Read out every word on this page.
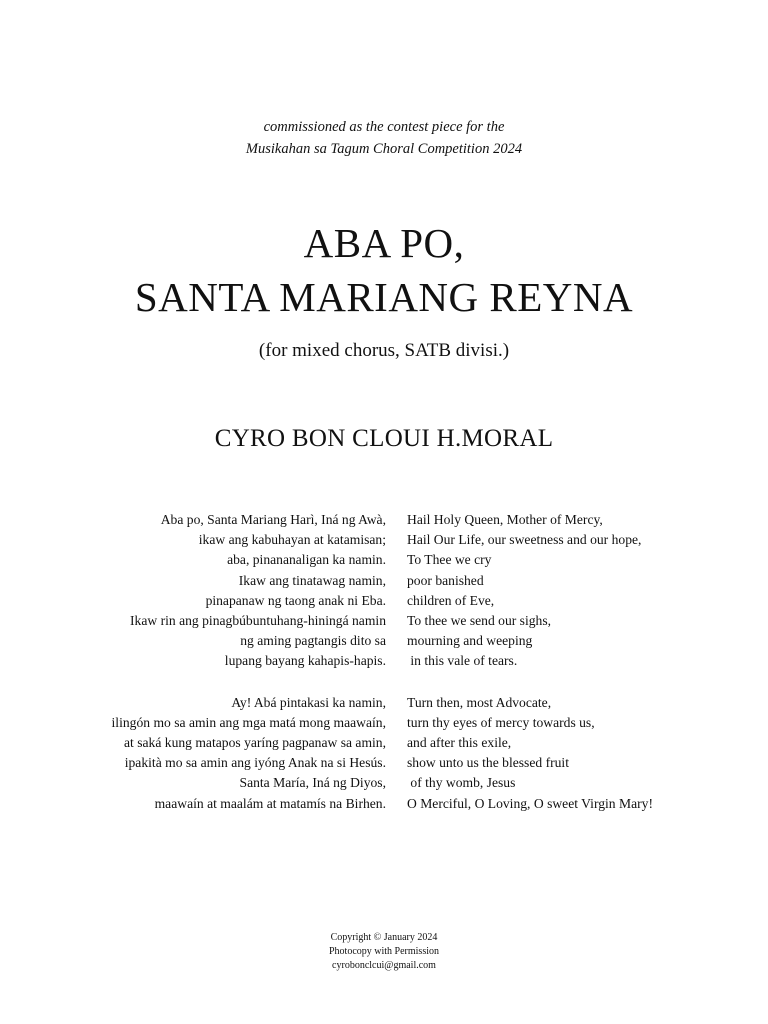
commissioned as the contest piece for the
Musikahan sa Tagum Choral Competition 2024
ABA PO,
SANTA MARIANG REYNA
(for mixed chorus, SATB divisi.)
CYRO BON CLOUI H.MORAL
Aba po, Santa Mariang Harì, Iná ng Awà,
ikaw ang kabuhayan at katamisan;
aba, pinananaligan ka namin.
Ikaw ang tinatawag namin,
pinapanaw ng taong anak ni Eba.
Ikaw rin ang pinagbúbuntuhang-hiningá namin
ng aming pagtangis dito sa
lupang bayang kahapis-hapis.
Ay! Abá pintakasi ka namin,
ilingón mo sa amin ang mga matá mong maawaín,
at saká kung matapos yaríng pagpanaw sa amin,
ipakità mo sa amin ang iyóng Anak na si Hesús.
Santa María, Iná ng Diyos,
maawaín at maalám at matamís na Birhen.
Hail Holy Queen, Mother of Mercy,
Hail Our Life, our sweetness and our hope,
To Thee we cry
poor banished
children of Eve,
To thee we send our sighs,
mourning and weeping
in this vale of tears.
Turn then, most Advocate,
turn thy eyes of mercy towards us,
and after this exile,
show unto us the blessed fruit
of thy womb, Jesus
O Merciful, O Loving, O sweet Virgin Mary!
Copyright © January 2024
Photocopy with Permission
cyrobonclcui@gmail.com
